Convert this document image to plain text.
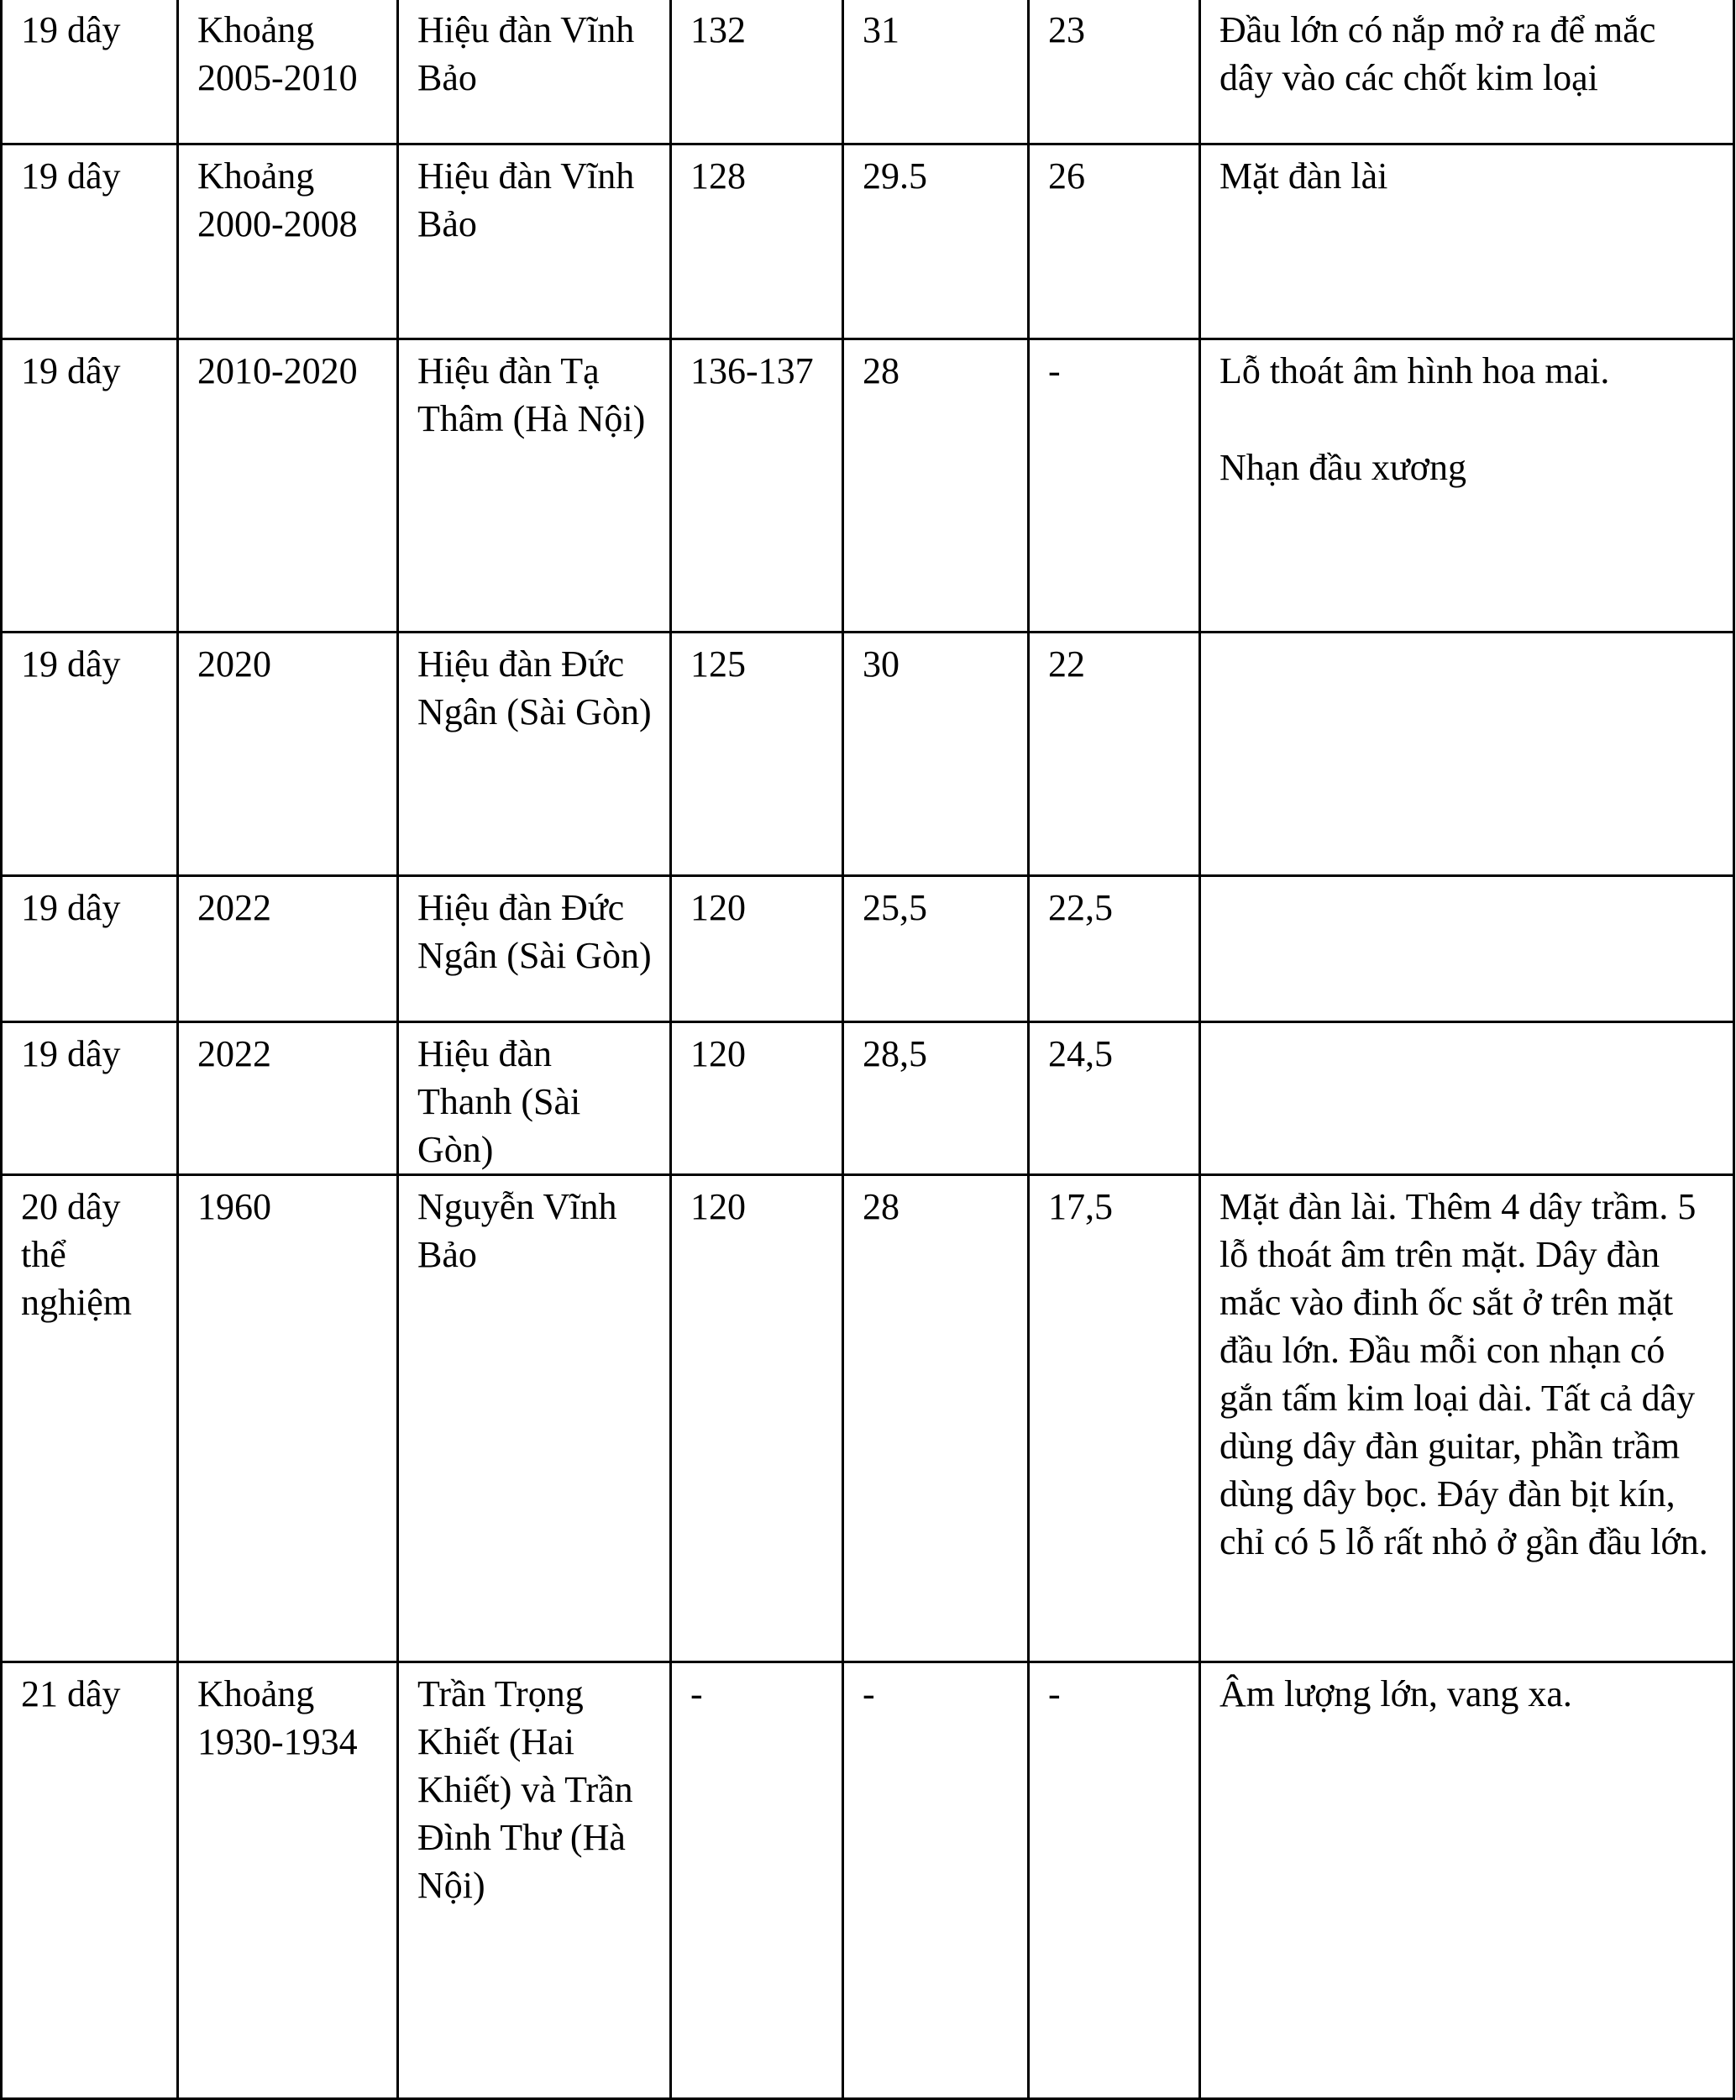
19 dây	Khoảng 2005-2010	Hiệu đàn Vĩnh Bảo	132	31	23	Đầu lớn có nắp mở ra để mắc dây vào các chốt kim loại

19 dây	Khoảng 2000-2008	Hiệu đàn Vĩnh Bảo	128	29.5	26	Mặt đàn lài

19 dây	2010-2020	Hiệu đàn Tạ Thâm (Hà Nội)	136-137	28	-	Lỗ thoát âm hình hoa mai.
Nhạn đầu xương

19 dây	2020	Hiệu đàn Đức Ngân (Sài Gòn)	125	30	22	

19 dây	2022	Hiệu đàn Đức Ngân (Sài Gòn)	120	25,5	22,5	

19 dây	2022	Hiệu đàn Thanh (Sài Gòn)	120	28,5	24,5	

20 dây thể nghiệm	1960	Nguyễn Vĩnh Bảo	120	28	17,5	Mặt đàn lài. Thêm 4 dây trầm. 5 lỗ thoát âm trên mặt. Dây đàn mắc vào đinh ốc sắt ở trên mặt đầu lớn. Đầu mỗi con nhạn có gắn tấm kim loại dài. Tất cả dây dùng dây đàn guitar, phần trầm dùng dây bọc. Đáy đàn bịt kín, chỉ có 5 lỗ rất nhỏ ở gần đầu lớn.

21 dây	Khoảng 1930-1934	Trần Trọng Khiết (Hai Khiết) và Trần Đình Thư (Hà Nội)	-	-	-	Âm lượng lớn, vang xa.
